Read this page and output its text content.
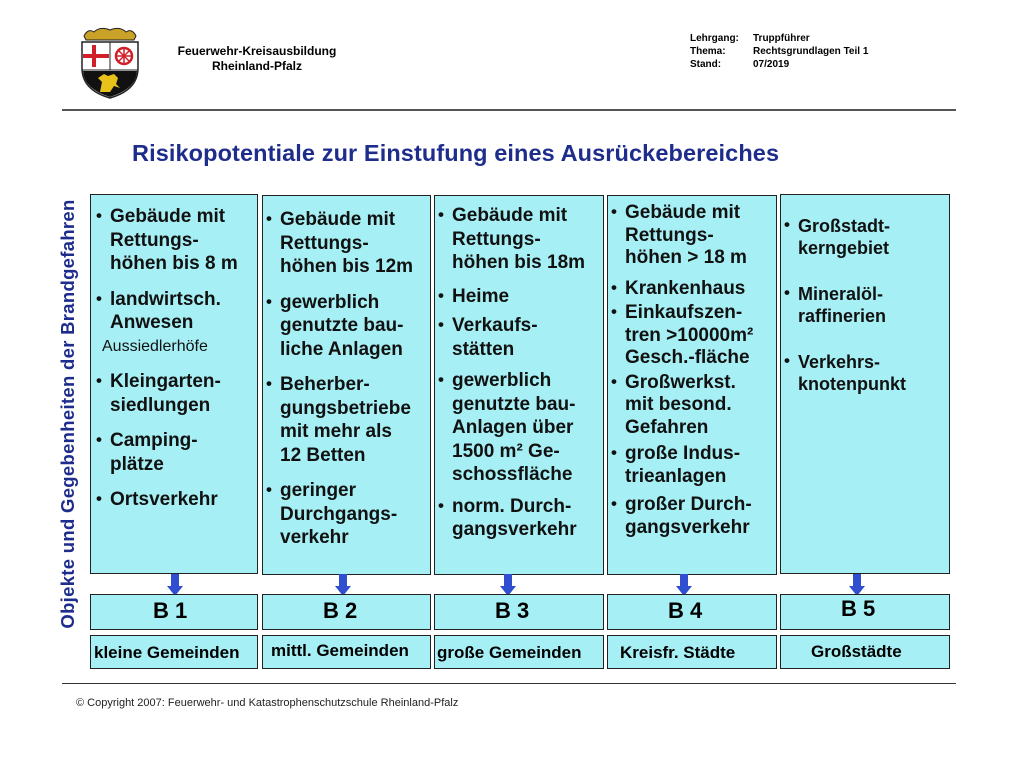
Feuerwehr-Kreisausbildung
Rheinland-Pfalz
Lehrgang:	Truppführer
Thema:	Rechtsgrundlagen Teil 1
Stand:	07/2019
Risikopotentiale zur Einstufung eines Ausrückebereiches
Objekte und Gegebenheiten der Brandgefahren
•	Gebäude mit
Rettungs-
höhen bis 8 m
• landwirtsch.
Anwesen
Aussiedlerhöfe
• Kleingarten-
siedlungen
• Camping-
plätze
• Ortsverkehr
• Gebäude mit
Rettungs-
höhen bis 12m
• gewerblich
genutzte bau-
liche Anlagen
• Beherber-
gungsbetriebe
mit mehr als
12 Betten
• geringer
Durchgangs-
verkehr
• Gebäude mit
Rettungs-
höhen bis 18m
• Heime
• Verkaufs-
stätten
• gewerblich
genutzte bau-
Anlagen über
1500 m² Ge-
schossfläche
• norm. Durch-
gangsverkehr
• Gebäude mit
Rettungs-
höhen > 18 m
• Krankenhaus
• Einkaufszen-
tren >10000m²
Gesch.-fläche
• Großwerkst.
mit besond.
Gefahren
• große Indus-
trieanlagen
• großer Durch-
gangsverkehr
• Großstadt-
kerngebiet
• Mineralöl-
raffinerien
• Verkehrs-
knotenpunkt
B 1	B 2	B 3	B 4	B 5
kleine Gemeinden mittl. Gemeinden große Gemeinden Kreisfr. Städte	Großstädte
© Copyright 2007: Feuerwehr- und Katastrophenschutzschule Rheinland-Pfalz
